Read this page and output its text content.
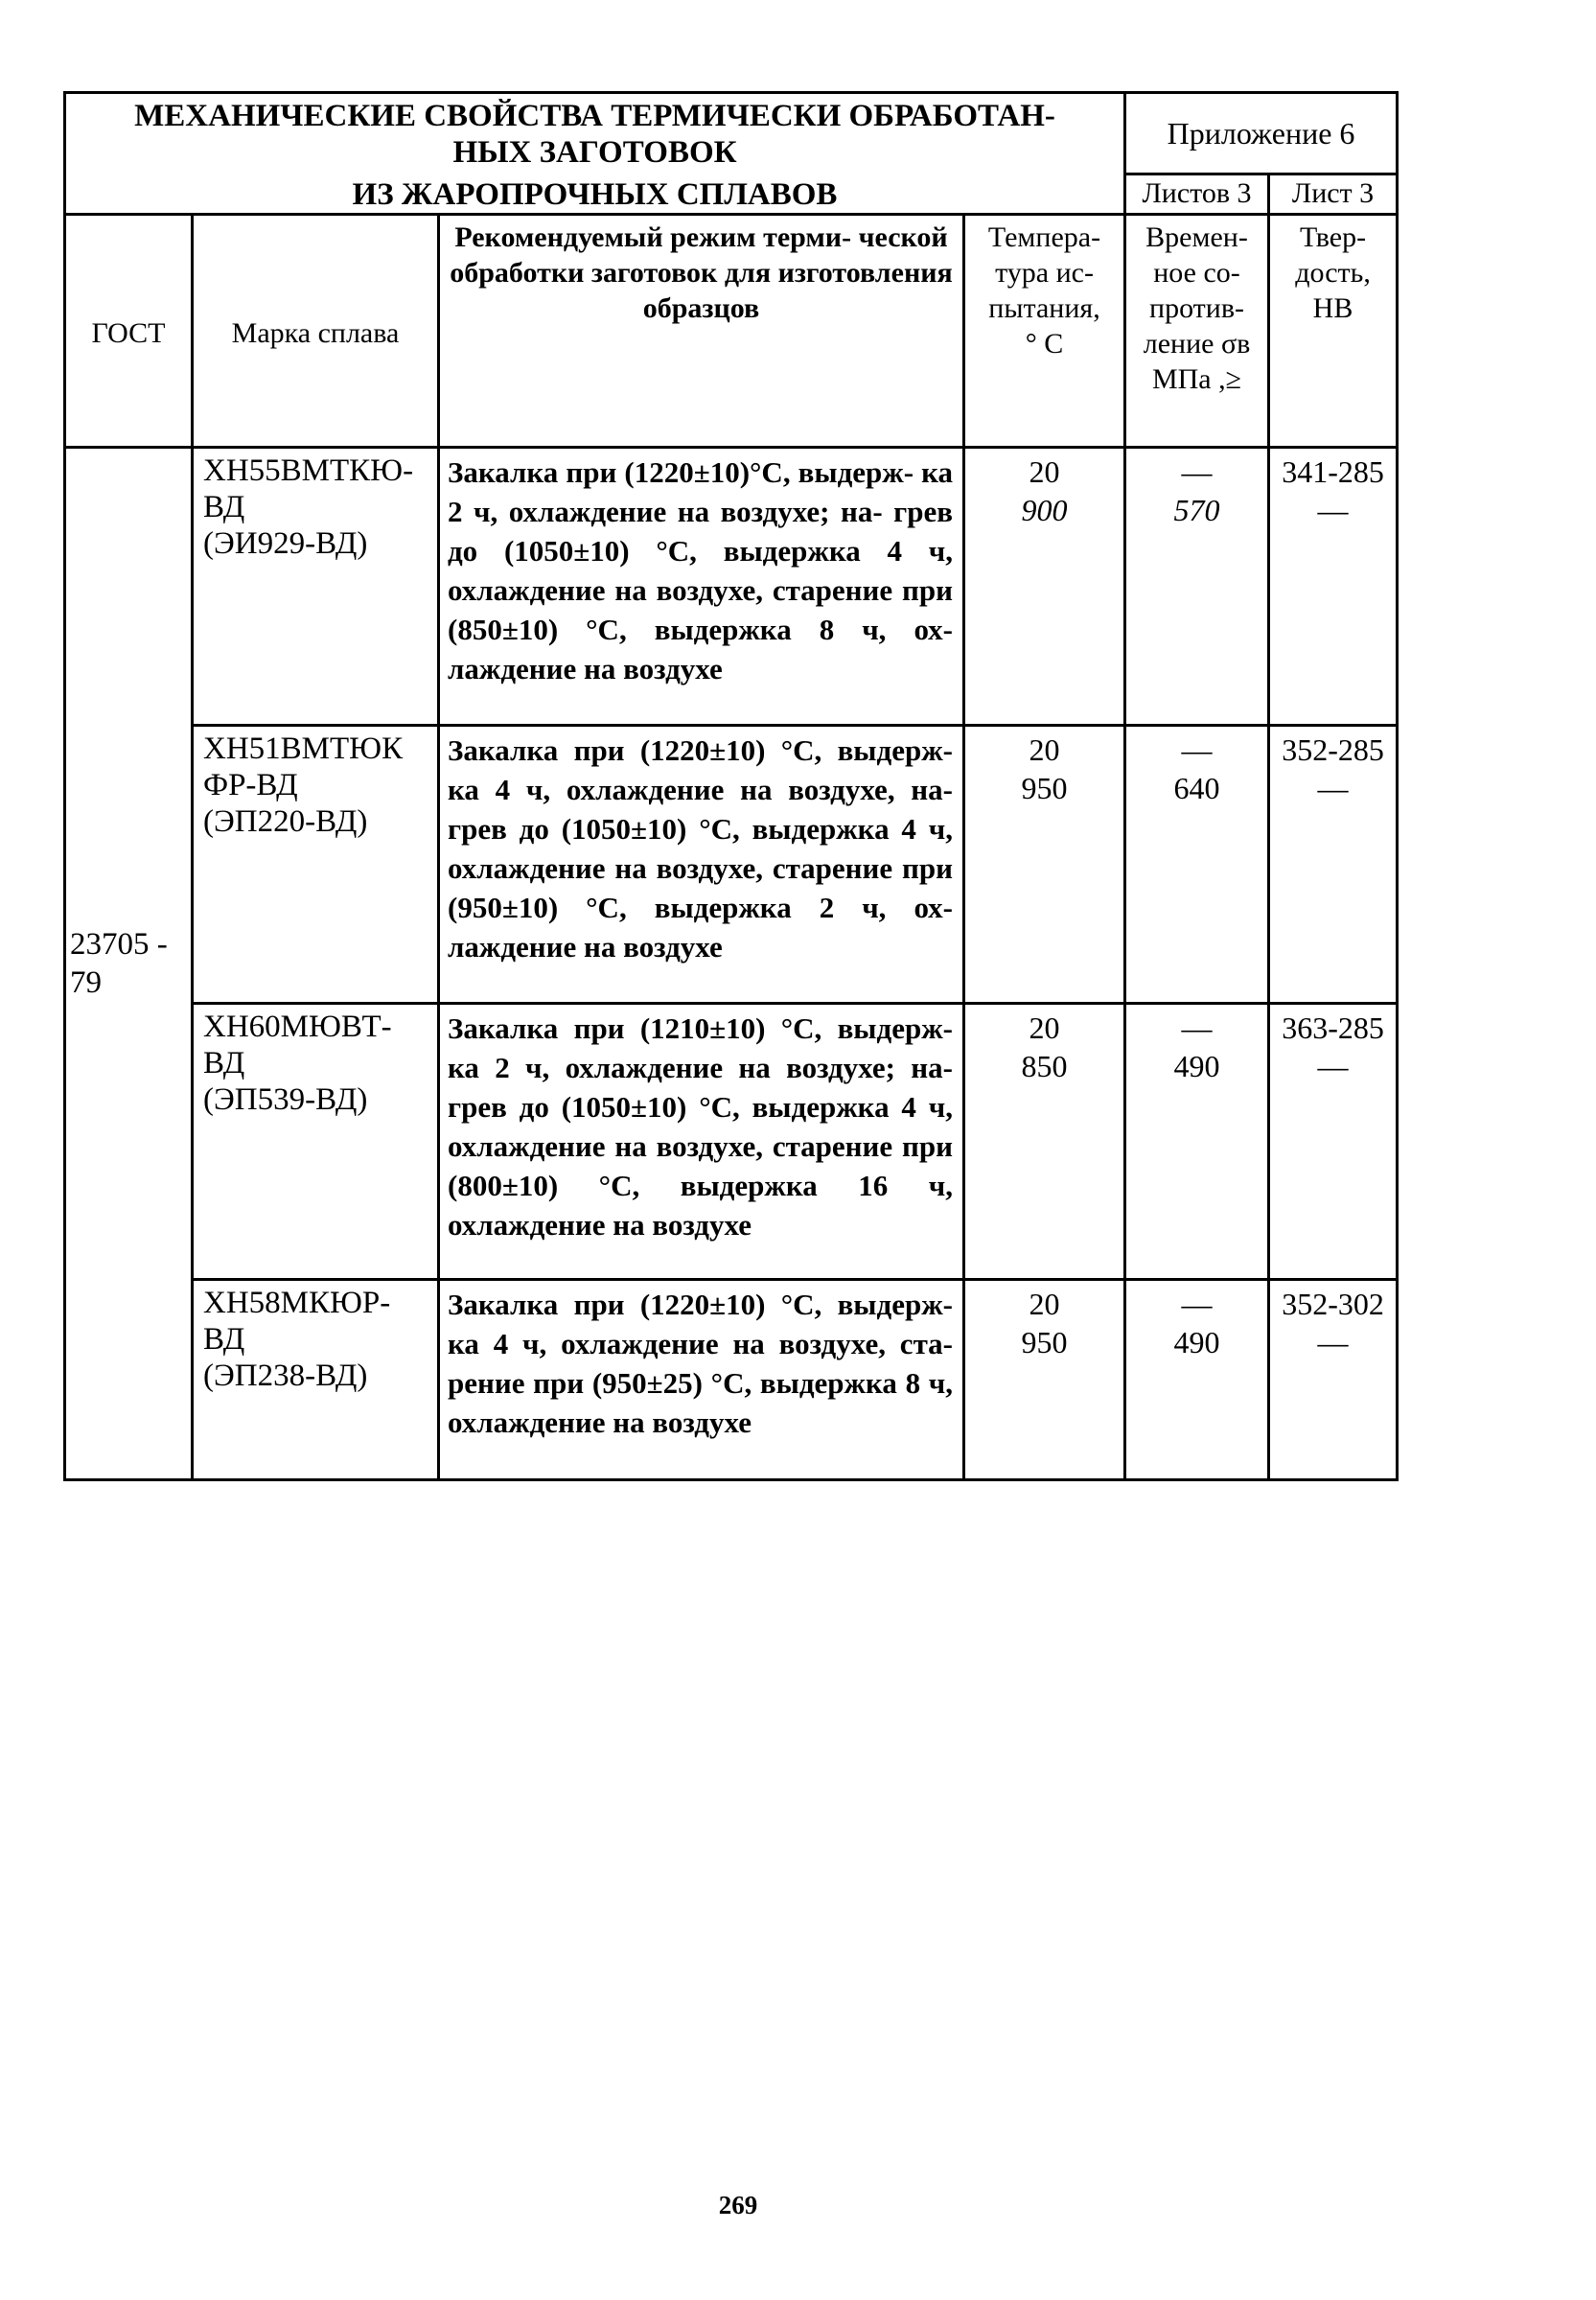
МЕХАНИЧЕСКИЕ СВОЙСТВА ТЕРМИЧЕСКИ ОБРАБОТАН-
НЫХ ЗАГОТОВОК
ИЗ ЖАРОПРОЧНЫХ СПЛАВОВ				Приложение 6	
				Листов 3	Лист 3
ГОСТ	Марка сплава	Рекомендуемый режим терми- ческой обработки заготовок для изготовления образцов	Темпера-
тура ис-
пытания,
° С	Времен-
ное со-
против-
ление σв
МПа ,≥	Твер-
дость,
НВ

23705 - 79	ХН55ВМТКЮ-
ВД
(ЭИ929-ВД)	Закалка при (1220±10)°С, выдерж- ка 2 ч, охлаждение на воздухе; на- грев до (1050±10) °С, выдержка 4 ч, охлаждение на воздухе, старение при (850±10) °С, выдержка 8 ч, ох- лаждение на воздухе	20
900	—
570	341-285
—

	ХН51ВМТЮК
ФР-ВД
(ЭП220-ВД)	Закалка при (1220±10) °С, выдерж- ка 4 ч, охлаждение на воздухе, на- грев до (1050±10) °С, выдержка 4 ч, охлаждение на воздухе, старение при (950±10) °С, выдержка 2 ч, ох- лаждение на воздухе	20
950	—
640	352-285
—

	ХН60МЮВТ-
ВД
(ЭП539-ВД)	Закалка при (1210±10) °С, выдерж- ка 2 ч, охлаждение на воздухе; на- грев до (1050±10) °С, выдержка 4 ч, охлаждение на воздухе, старение при (800±10) °С, выдержка 16 ч, охлаждение на воздухе	20
850	—
490	363-285
—

	ХН58МКЮР-
ВД
(ЭП238-ВД)	Закалка при (1220±10) °С, выдерж- ка 4 ч, охлаждение на воздухе, ста- рение при (950±25) °С, выдержка 8 ч, охлаждение на воздухе	20
950	—
490	352-302
—
269
